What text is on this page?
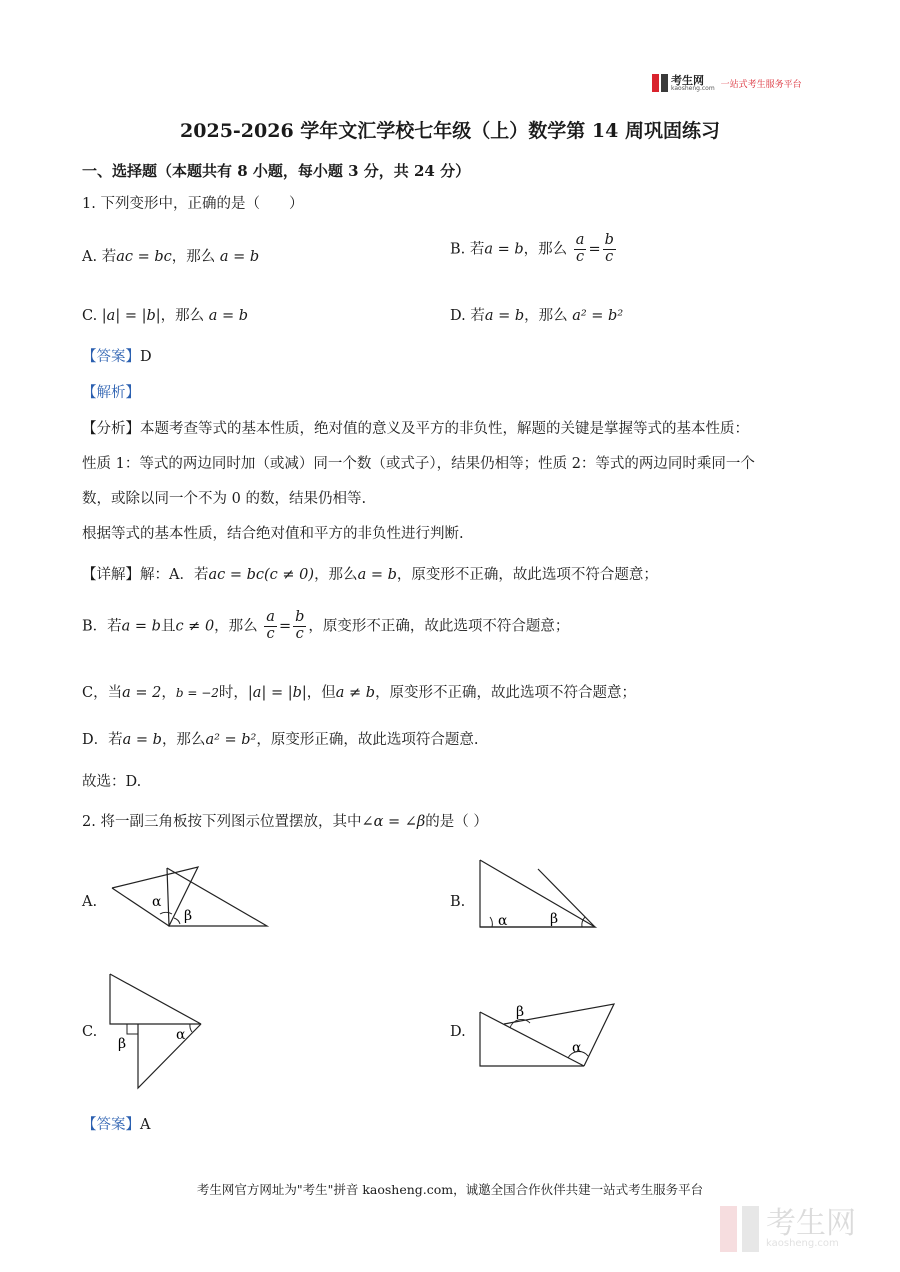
考生网
kaosheng.com 一站式考生服务平台
2025-2026 学年文汇学校七年级（上）数学第 14 周巩固练习
一、选择题（本题共有 8 小题，每小题 3 分，共 24 分）
1. 下列变形中，正确的是（　　）
A. 若ac = bc，那么 a = b	B. 若a = b，那么 $\frac{a}{c} = \frac{b}{c}$
C. |a| = |b|，那么 a = b	D. 若a = b，那么 a² = b²
【答案】D
【解析】
【分析】本题考查等式的基本性质，绝对值的意义及平方的非负性，解题的关键是掌握等式的基本性质：
性质 1：等式的两边同时加（或减）同一个数（或式子），结果仍相等；性质 2：等式的两边同时乘同一个
数，或除以同一个不为 0 的数，结果仍相等.
根据等式的基本性质，结合绝对值和平方的非负性进行判断.
【详解】解：A．若ac = bc(c ≠ 0)，那么a = b，原变形不正确，故此选项不符合题意；
B．若a = b且c ≠ 0，那么 $\frac{a}{c} = \frac{b}{c}$ ，原变形不正确，故此选项不符合题意；
C，当a = 2，b = −2时，|a| = |b|，但a ≠ b，原变形不正确，故此选项不符合题意；
D．若a = b，那么a² = b²，原变形正确，故此选项符合题意.
故选：D.
2. 将一副三角板按下列图示位置摆放，其中∠α = ∠β的是（ ）
A.	α
β
B.
α	β
C.	α
β
D.
β
α
【答案】A
考生网官方网址为"考生"拼音 kaosheng.com，诚邀全国合作伙伴共建一站式考生服务平台
考生网
kaosheng.com
